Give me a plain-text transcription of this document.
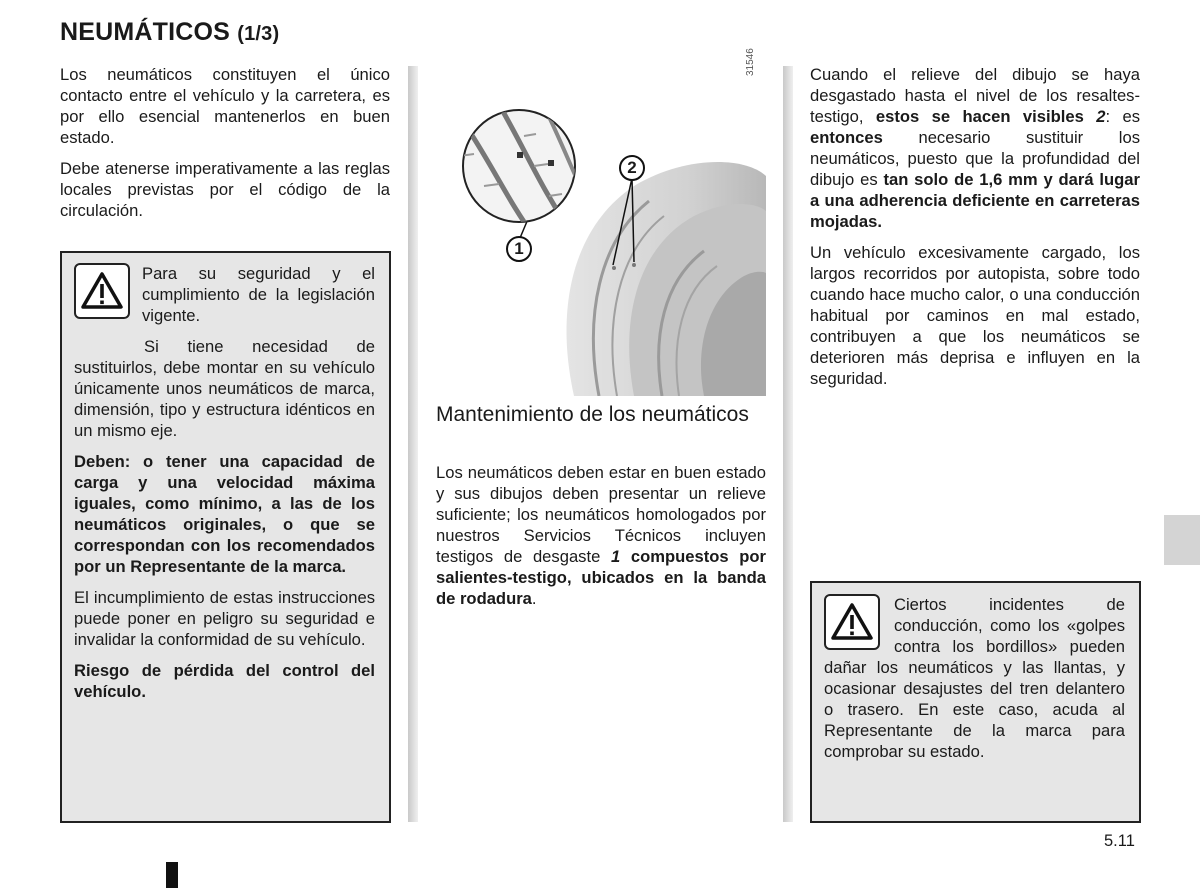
NEUMÁTICOS (1/3)

Los neumáticos constituyen el único contacto entre el vehículo y la carretera, es por ello esencial mantenerlos en buen estado.

Debe atenerse imperativamente a las reglas locales previstas por el código de la circulación.

Para su seguridad y el cumplimiento de la legislación vigente.

Si tiene necesidad de sustituirlos, debe montar en su vehículo únicamente unos neumáticos de marca, dimensión, tipo y estructura idénticos en un mismo eje.

Deben: o tener una capacidad de carga y una velocidad máxima iguales, como mínimo, a las de los neumáticos originales, o que se correspondan con los recomendados por un Representante de la marca.

El incumplimiento de estas instrucciones puede poner en peligro su seguridad e invalidar la conformidad de su vehículo.

Riesgo de pérdida del control del vehículo.

2
1
31546
Mantenimiento de los neumáticos

Los neumáticos deben estar en buen estado y sus dibujos deben presentar un relieve suficiente; los neumáticos homologados por nuestros Servicios Técnicos incluyen testigos de desgaste 1 compuestos por salientes-testigo, ubicados en la banda de rodadura.

Cuando el relieve del dibujo se haya desgastado hasta el nivel de los resaltes-testigo, estos se hacen visibles 2: es entonces necesario sustituir los neumáticos, puesto que la profundidad del dibujo es tan solo de 1,6 mm y dará lugar a una adherencia deficiente en carreteras mojadas.

Un vehículo excesivamente cargado, los largos recorridos por autopista, sobre todo cuando hace mucho calor, o una conducción habitual por caminos en mal estado, contribuyen a que los neumáticos se deterioren más deprisa e influyen en la seguridad.

Ciertos incidentes de conducción, como los «golpes contra los bordillos» pueden dañar los neumáticos y las llantas, y ocasionar desajustes del tren delantero o trasero. En este caso, acuda al Representante de la marca para comprobar su estado.

5.11
